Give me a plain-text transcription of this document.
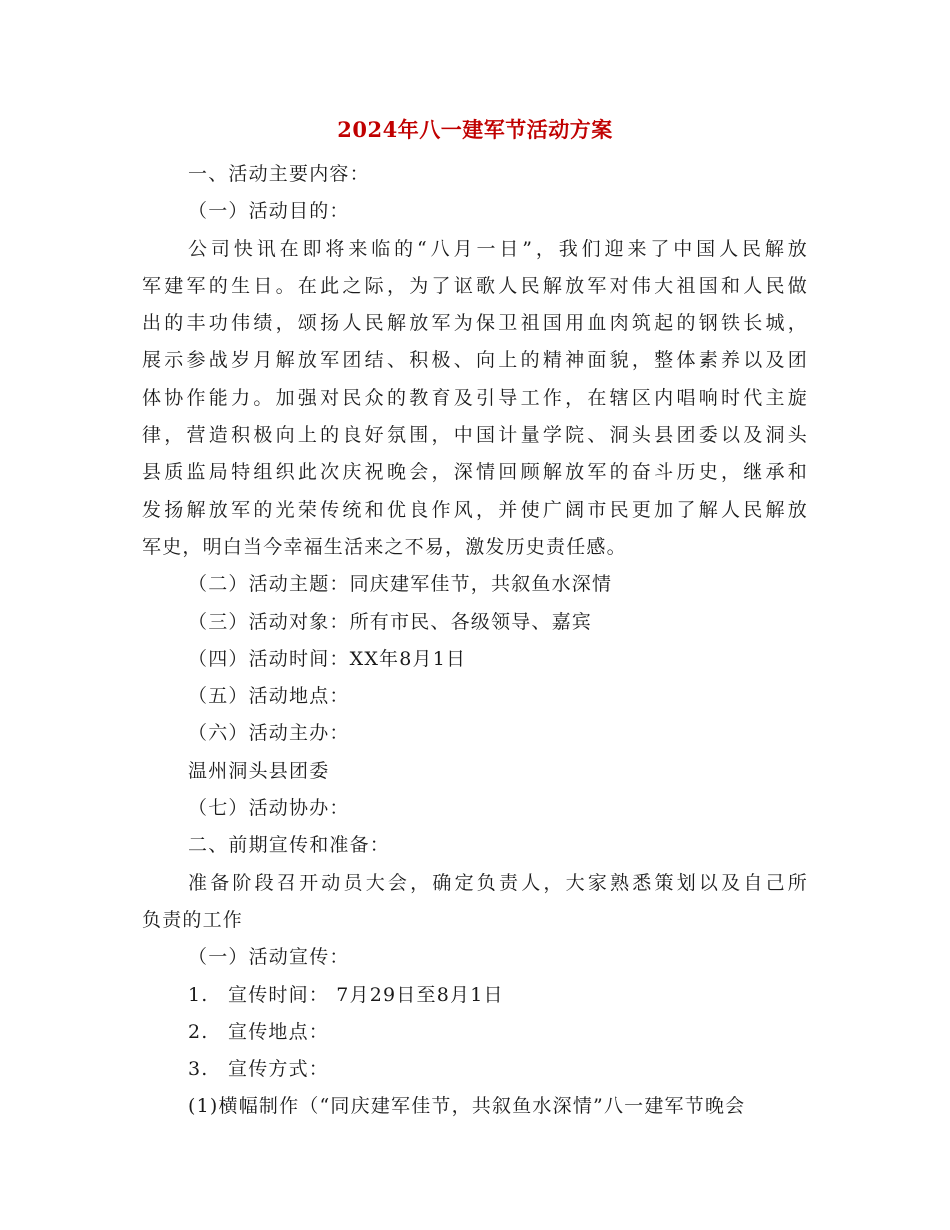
2024年八一建军节活动方案

一、活动主要内容：

（一）活动目的：

公司快讯在即将来临的“八月一日”，我们迎来了中国人民解放

军建军的生日。在此之际，为了讴歌人民解放军对伟大祖国和人民做

出的丰功伟绩，颂扬人民解放军为保卫祖国用血肉筑起的钢铁长城，

展示参战岁月解放军团结、积极、向上的精神面貌，整体素养以及团

体协作能力。加强对民众的教育及引导工作，在辖区内唱响时代主旋

律，营造积极向上的良好氛围，中国计量学院、洞头县团委以及洞头

县质监局特组织此次庆祝晚会，深情回顾解放军的奋斗历史，继承和

发扬解放军的光荣传统和优良作风，并使广阔市民更加了解人民解放

军史，明白当今幸福生活来之不易，激发历史责任感。

（二）活动主题：同庆建军佳节，共叙鱼水深情

（三）活动对象：所有市民、各级领导、嘉宾

（四）活动时间：XX年8月1日

（五）活动地点：

（六）活动主办：

温州洞头县团委

（七）活动协办：

二、前期宣传和准备：

准备阶段召开动员大会，确定负责人，大家熟悉策划以及自己所

负责的工作

（一）活动宣传：

1. 宣传时间： 7月29日至8月1日

2. 宣传地点：

3. 宣传方式：

(1)横幅制作（“同庆建军佳节，共叙鱼水深情”八一建军节晚会
